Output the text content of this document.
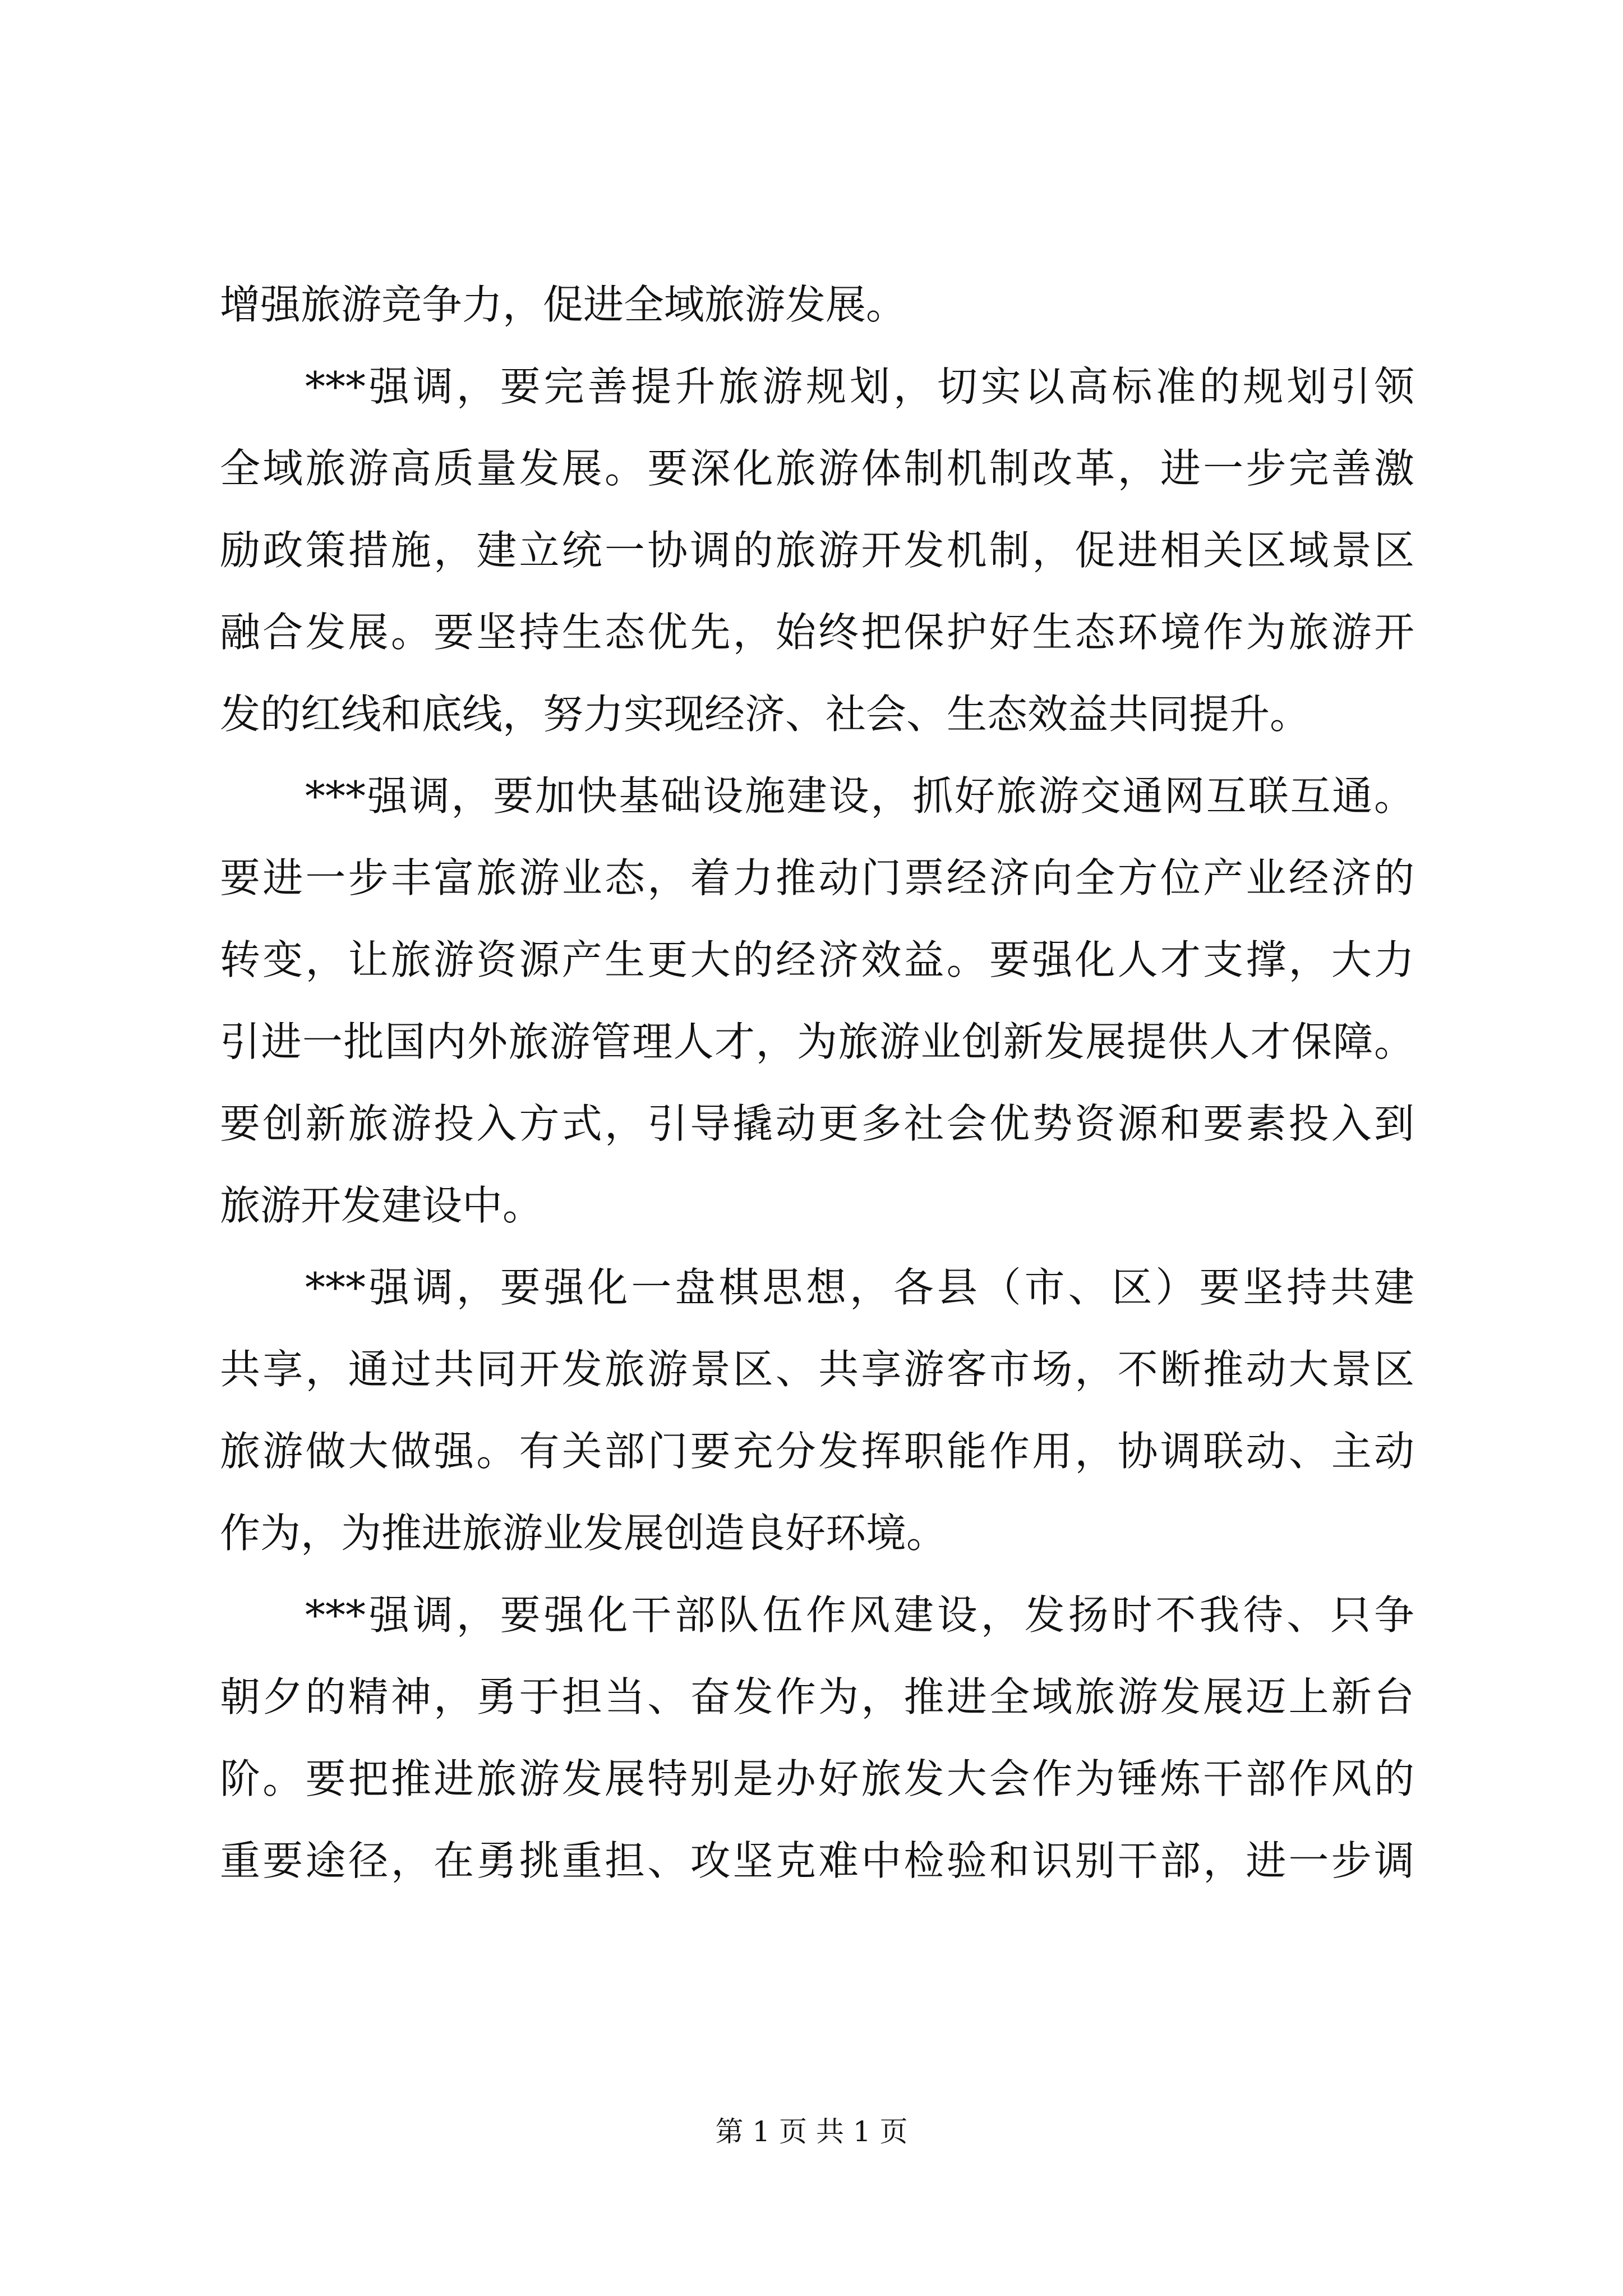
增强旅游竞争力，促进全域旅游发展。
***强调，要完善提升旅游规划，切实以高标准的规划引领
全域旅游高质量发展。要深化旅游体制机制改革，进一步完善激
励政策措施，建立统一协调的旅游开发机制，促进相关区域景区
融合发展。要坚持生态优先，始终把保护好生态环境作为旅游开
发的红线和底线，努力实现经济、社会、生态效益共同提升。
***强调，要加快基础设施建设，抓好旅游交通网互联互通。
要进一步丰富旅游业态，着力推动门票经济向全方位产业经济的
转变，让旅游资源产生更大的经济效益。要强化人才支撑，大力
引进一批国内外旅游管理人才，为旅游业创新发展提供人才保障。
要创新旅游投入方式，引导撬动更多社会优势资源和要素投入到
旅游开发建设中。
***强调，要强化一盘棋思想，各县（市、区）要坚持共建
共享，通过共同开发旅游景区、共享游客市场，不断推动大景区
旅游做大做强。有关部门要充分发挥职能作用，协调联动、主动
作为，为推进旅游业发展创造良好环境。
***强调，要强化干部队伍作风建设，发扬时不我待、只争
朝夕的精神，勇于担当、奋发作为，推进全域旅游发展迈上新台
阶。要把推进旅游发展特别是办好旅发大会作为锤炼干部作风的
重要途径，在勇挑重担、攻坚克难中检验和识别干部，进一步调
第 1 页 共 1 页
